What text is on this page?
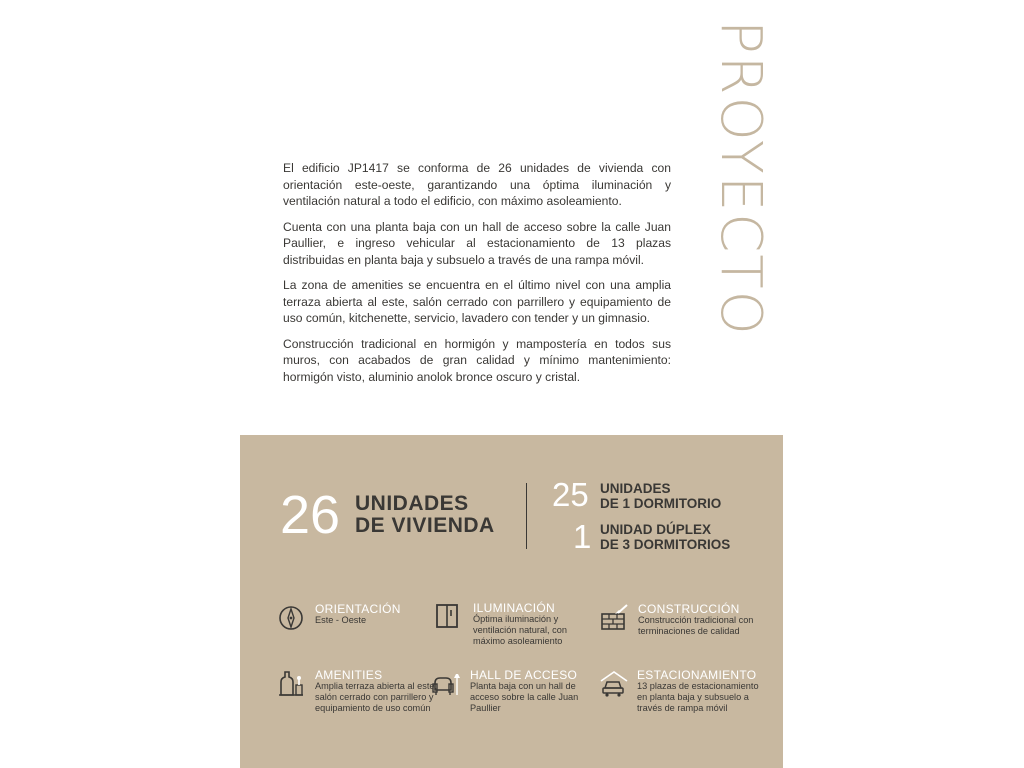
PROYECTO

El edificio JP1417 se conforma de 26 unidades de vivienda con orientación este-oeste, garantizando una óptima iluminación y ventilación natural a todo el edificio, con máximo asoleamiento.

Cuenta con una planta baja con un hall de acceso sobre la calle Juan Paullier, e ingreso vehicular al estacionamiento de 13 plazas distribuidas en planta baja y subsuelo a través de una rampa móvil.

La zona de amenities se encuentra en el último nivel con una amplia terraza abierta al este, salón cerrado con parrillero y equipamiento de uso común, kitchenette, servicio, lavadero con tender y un gimnasio.

Construcción tradicional en hormigón y mampostería en todos sus muros, con acabados de gran calidad y mínimo mantenimiento: hormigón visto, aluminio anolok bronce oscuro y cristal.

26 UNIDADES
DE VIVIENDA
25 UNIDADES
DE 1 DORMITORIO
1 UNIDAD DÚPLEX
DE 3 DORMITORIOS
ORIENTACIÓN
Este - Oeste
ILUMINACIÓN
Óptima iluminación y ventilación natural, con máximo asoleamiento
CONSTRUCCIÓN
Construcción tradicional con terminaciones de calidad
AMENITIES
Amplia terraza abierta al este, salón cerrado con parrillero y equipamiento de uso común
HALL DE ACCESO
Planta baja con un hall de acceso sobre la calle Juan Paullier
ESTACIONAMIENTO
13 plazas de estacionamiento en planta baja y subsuelo a través de rampa móvil
